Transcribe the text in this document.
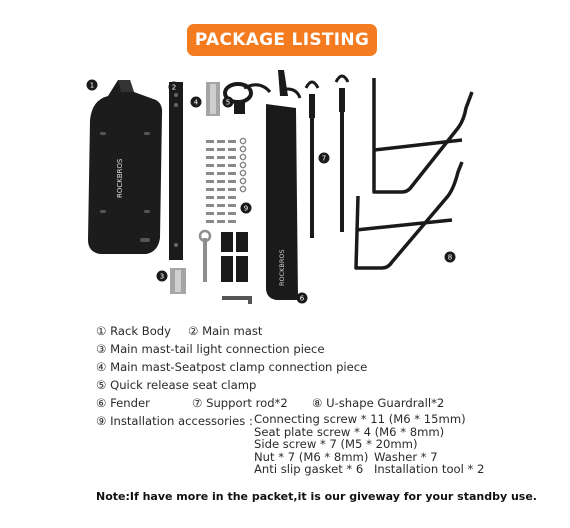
PACKAGE LISTING
ROCKBROS
ROCKBROS
1	2
3
4	5
6
7
8
9
① Rack Body ② Main mast
③ Main mast-tail light connection piece
④ Main mast-Seatpost clamp connection piece
⑤ Quick release seat clamp
⑥ Fender	⑦ Support rod*2 ⑧ U-shape Guardrall*2
⑨ Installation accessories : Connecting screw * 11 (M6 * 15mm)
Seat plate screw * 4 (M6 * 8mm)
Side screw * 7 (M5 * 20mm)
Nut * 7 (M6 * 8mm) Washer * 7
Anti slip gasket * 6 Installation tool * 2
Note:If have more in the packet,it is our giveway for your standby use.
